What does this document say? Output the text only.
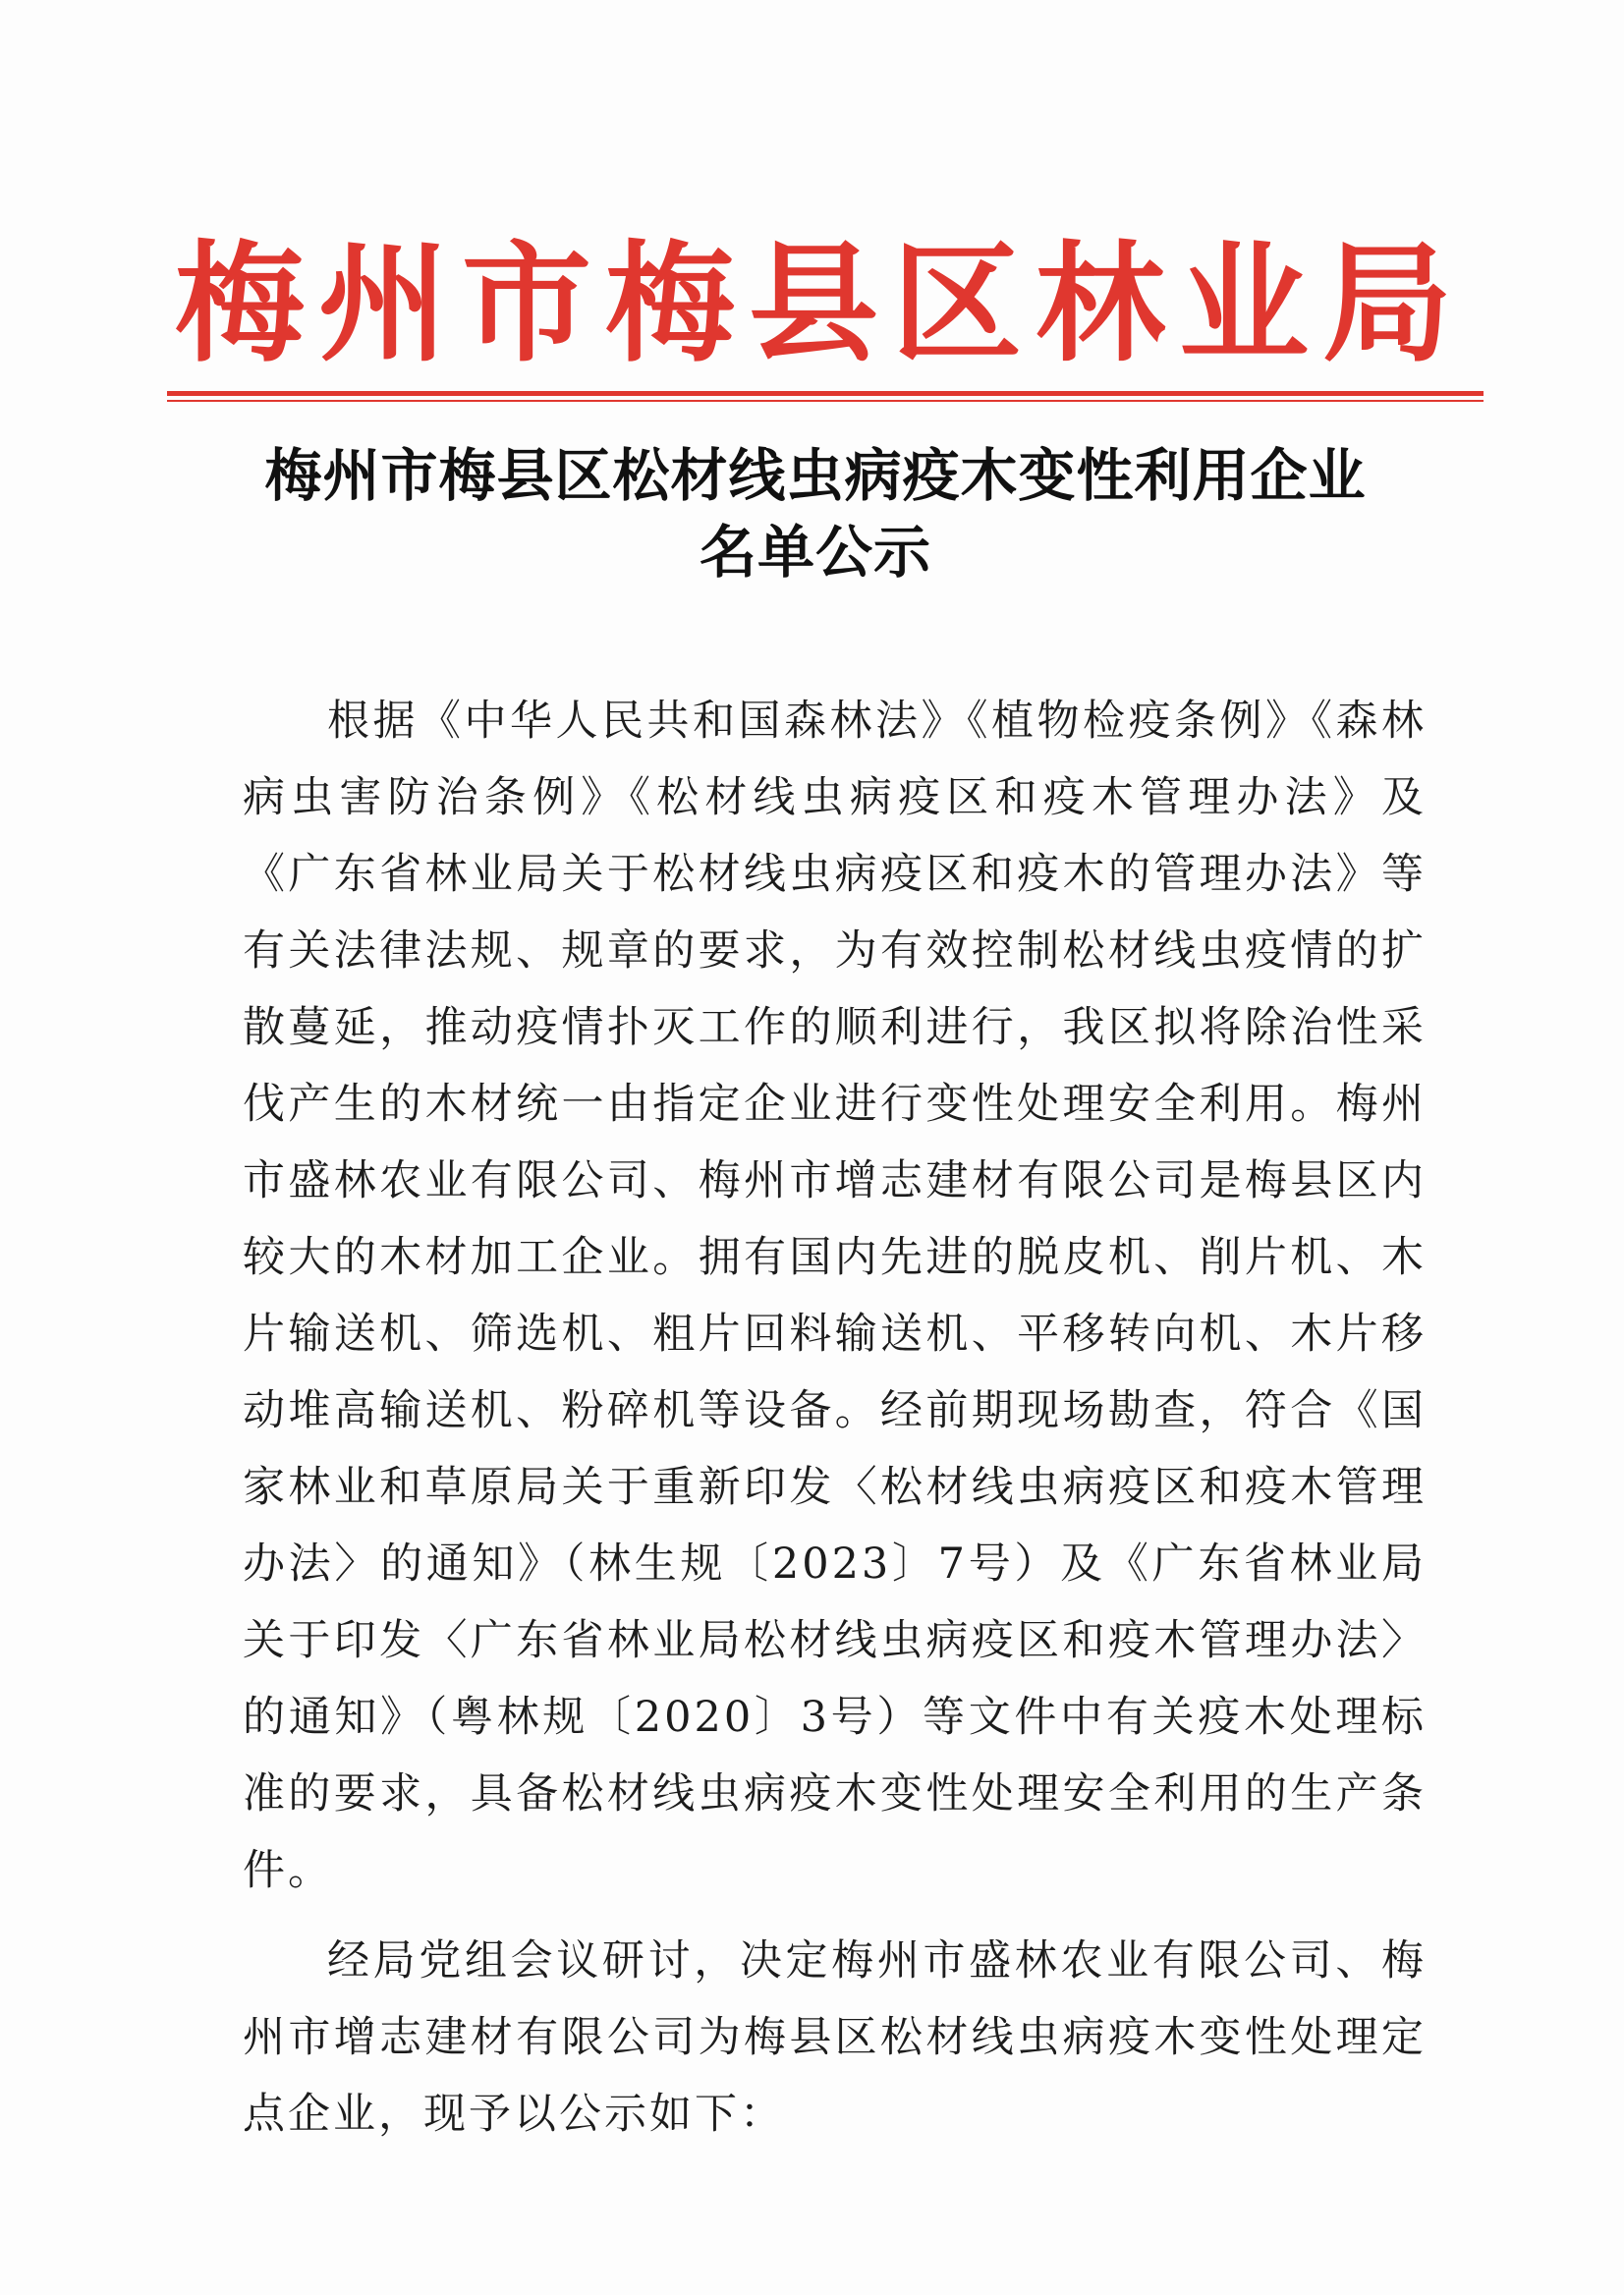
梅州市梅县区林业局
梅州市梅县区松材线虫病疫木变性利用企业
名单公示

根据《中华人民共和国森林法》《植物检疫条例》《森林病虫害防治条例》《松材线虫病疫区和疫木管理办法》及《广东省林业局关于松材线虫病疫区和疫木的管理办法》等有关法律法规、规章的要求，为有效控制松材线虫疫情的扩散蔓延，推动疫情扑灭工作的顺利进行，我区拟将除治性采伐产生的木材统一由指定企业进行变性处理安全利用。梅州市盛林农业有限公司、梅州市增志建材有限公司是梅县区内较大的木材加工企业。拥有国内先进的脱皮机、削片机、木片输送机、筛选机、粗片回料输送机、平移转向机、木片移动堆高输送机、粉碎机等设备。经前期现场勘查，符合《国家林业和草原局关于重新印发〈松材线虫病疫区和疫木管理办法〉的通知》（林生规〔2023〕7号）及《广东省林业局关于印发〈广东省林业局松材线虫病疫区和疫木管理办法〉的通知》（粤林规〔2020〕3号）等文件中有关疫木处理标准的要求，具备松材线虫病疫木变性处理安全利用的生产条件。

经局党组会议研讨，决定梅州市盛林农业有限公司、梅州市增志建材有限公司为梅县区松材线虫病疫木变性处理定点企业，现予以公示如下：
